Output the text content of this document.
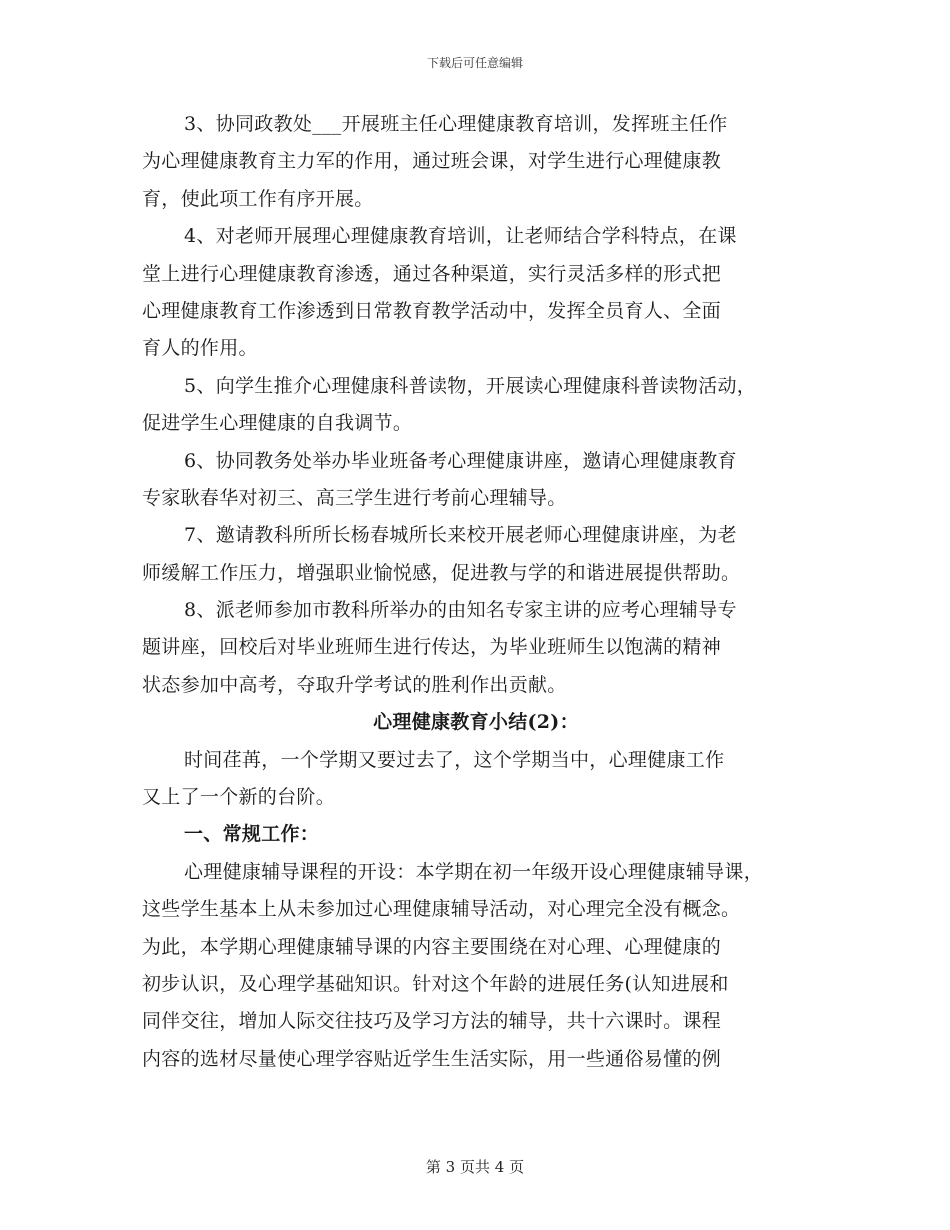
下载后可任意编辑
3、协同政教处___开展班主任心理健康教育培训，发挥班主任作
为心理健康教育主力军的作用，通过班会课，对学生进行心理健康教
育，使此项工作有序开展。
4、对老师开展理心理健康教育培训，让老师结合学科特点，在课
堂上进行心理健康教育渗透，通过各种渠道，实行灵活多样的形式把
心理健康教育工作渗透到日常教育教学活动中，发挥全员育人、全面
育人的作用。
5、向学生推介心理健康科普读物，开展读心理健康科普读物活动，
促进学生心理健康的自我调节。
6、协同教务处举办毕业班备考心理健康讲座，邀请心理健康教育
专家耿春华对初三、高三学生进行考前心理辅导。
7、邀请教科所所长杨春城所长来校开展老师心理健康讲座，为老
师缓解工作压力，增强职业愉悦感，促进教与学的和谐进展提供帮助。
8、派老师参加市教科所举办的由知名专家主讲的应考心理辅导专
题讲座，回校后对毕业班师生进行传达，为毕业班师生以饱满的精神
状态参加中高考，夺取升学考试的胜利作出贡献。
心理健康教育小结(2)：
时间荏苒，一个学期又要过去了，这个学期当中，心理健康工作
又上了一个新的台阶。
一、常规工作：
心理健康辅导课程的开设：本学期在初一年级开设心理健康辅导课，
这些学生基本上从未参加过心理健康辅导活动，对心理完全没有概念。
为此，本学期心理健康辅导课的内容主要围绕在对心理、心理健康的
初步认识，及心理学基础知识。针对这个年龄的进展任务(认知进展和
同伴交往，增加人际交往技巧及学习方法的辅导，共十六课时。课程
内容的选材尽量使心理学容贴近学生生活实际，用一些通俗易懂的例
第 3 页共 4 页
